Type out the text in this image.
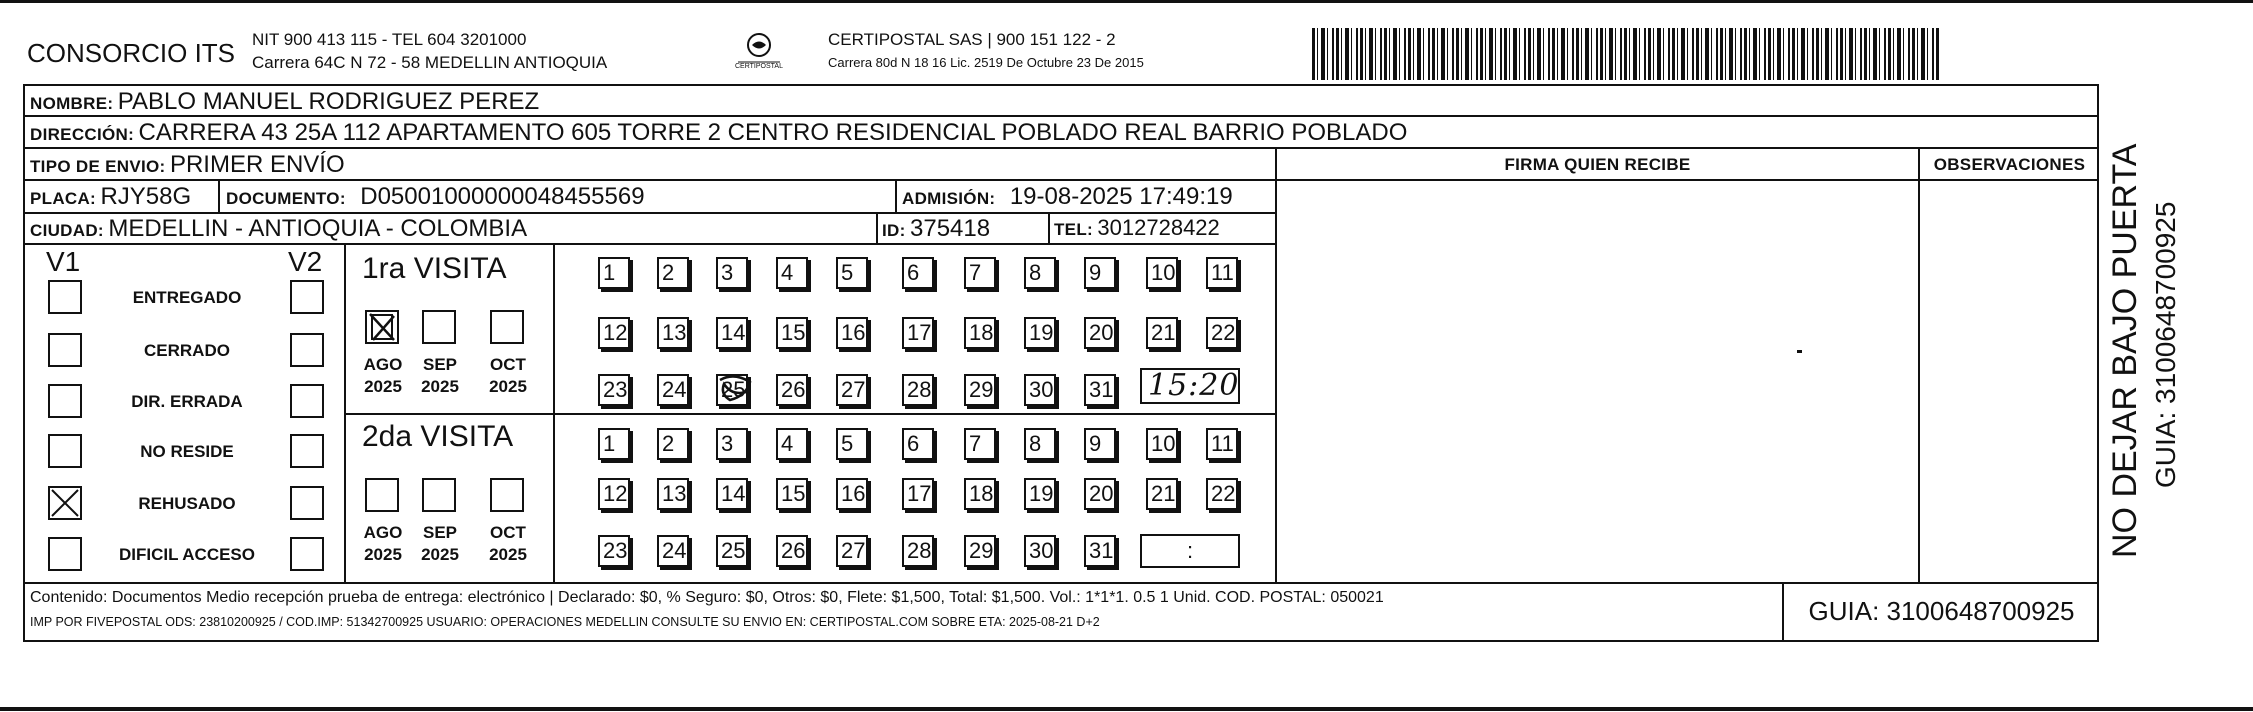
CONSORCIO ITS NIT 900 413 115 - TEL 604 3201000
Carrera 64C N 72 - 58 MEDELLIN ANTIOQUIA	CERTIPOSTAL
CERTIPOSTAL SAS | 900 151 122 - 2
Carrera 80d N 18 16 Lic. 2519 De Octubre 23 De 2015
NOMBRE: PABLO MANUEL RODRIGUEZ PEREZ
DIRECCIÓN: CARRERA 43 25A 112 APARTAMENTO 605 TORRE 2 CENTRO RESIDENCIAL POBLADO REAL BARRIO POBLADO
TIPO DE ENVIO: PRIMER ENVÍO	FIRMA QUIEN RECIBE	OBSERVACIONES
PLACA: RJY58G DOCUMENTO: D05001000000048455569	ADMISIÓN: 19-08-2025 17:49:19
CIUDAD: MEDELLIN - ANTIOQUIA - COLOMBIA	ID: 375418	TEL: 3012728422
V1	V2
ENTREGADO
CERRADO
DIR. ERRADA
NO RESIDE
REHUSADO
DIFICIL ACCESO
1ra VISITA
2da VISITA
1	2	3	4	5	6	7	8	9	10 11
12 13 14 15 16 17 18 19 20 21 22
23 24 25 26 27 28 29 30 31
1	2	3	4	5	6	7	8	9	10 11
12 13 14 15 16 17 18 19 20 21 22
23 24 25 26 27 28 29 30 31
15:20
:
AGO
2025
SEP
2025
OCT
2025
AGO
2025
SEP
2025
OCT
2025
Contenido: Documentos Medio recepción prueba de entrega: electrónico | Declarado: $0, % Seguro: $0, Otros: $0, Flete: $1,500, Total: $1,500. Vol.: 1*1*1. 0.5 1 Unid. COD. POSTAL: 050021
IMP POR FIVEPOSTAL ODS: 23810200925 / COD.IMP: 51342700925 USUARIO: OPERACIONES MEDELLIN CONSULTE SU ENVIO EN: CERTIPOSTAL.COM SOBRE ETA: 2025-08-21 D+2	GUIA: 3100648700925
NO DEJAR BAJO PUERTA GUIA: 3100648700925
